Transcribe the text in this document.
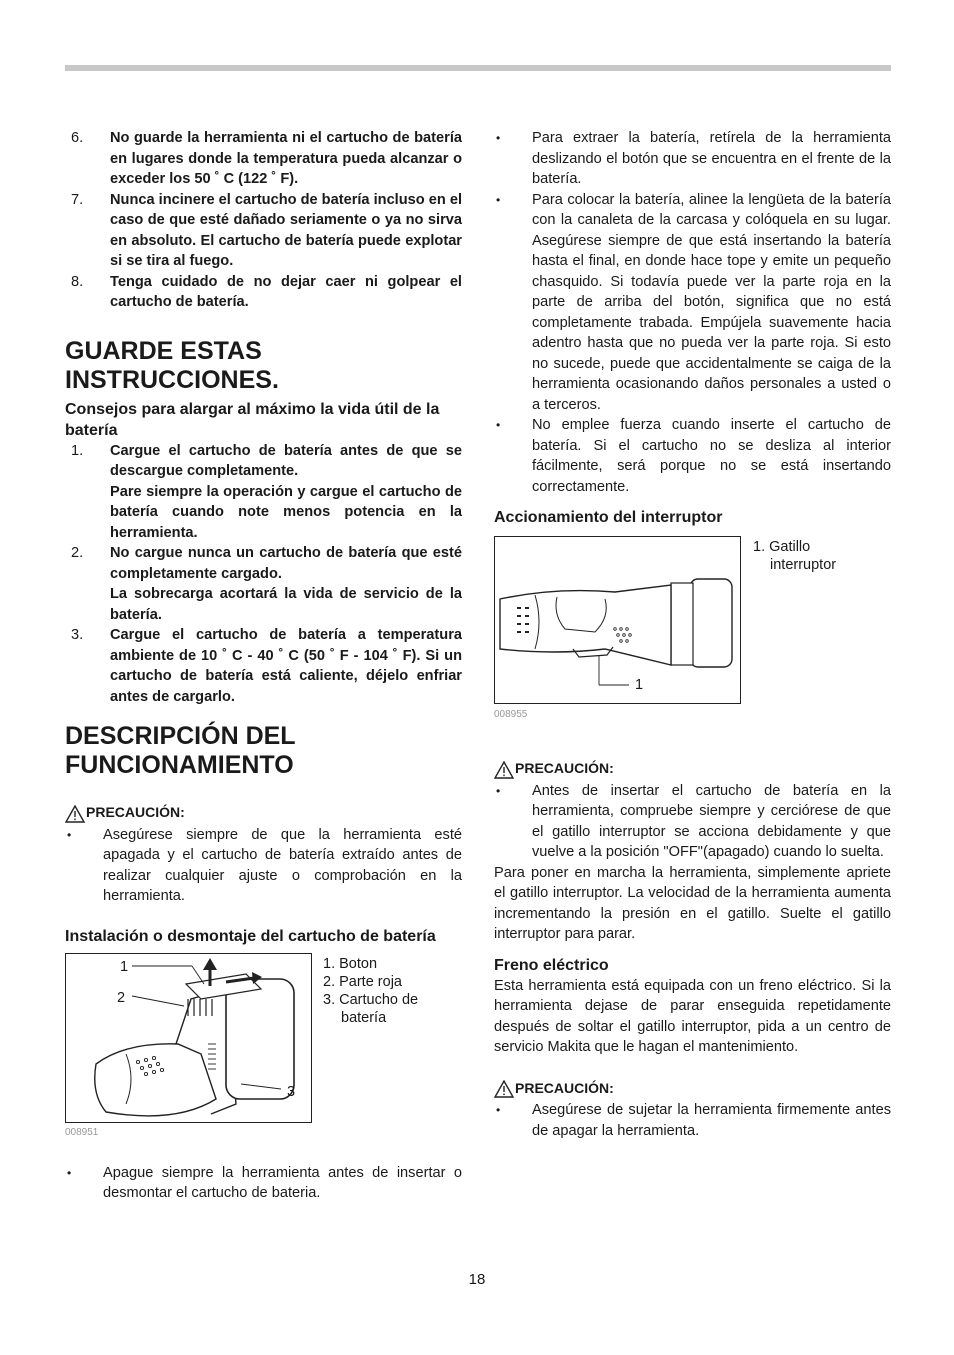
6.	No guarde la herramienta ni el cartucho de batería en lugares donde la temperatura pueda alcanzar o exceder los 50 ˚ C (122 ˚ F).
7.	Nunca incinere el cartucho de batería incluso en el caso de que esté dañado seriamente o ya no sirva en absoluto. El cartucho de batería puede explotar si se tira al fuego.
8.	Tenga cuidado de no dejar caer ni golpear el cartucho de batería.
GUARDE ESTAS INSTRUCCIONES.
Consejos para alargar al máximo la vida útil de la batería
1.	Cargue el cartucho de batería antes de que se descargue completamente.
Pare siempre la operación y cargue el cartucho de batería cuando note menos potencia en la herramienta.
2.	No cargue nunca un cartucho de batería que esté completamente cargado.
La sobrecarga acortará la vida de servicio de la batería.
3.	Cargue el cartucho de batería a temperatura ambiente de 10 ˚ C - 40 ˚ C (50 ˚ F - 104 ˚ F). Si un cartucho de batería está caliente, déjelo enfriar antes de cargarlo.
DESCRIPCIÓN DEL FUNCIONAMIENTO
PRECAUCIÓN:
•	Asegúrese siempre de que la herramienta esté apagada y el cartucho de batería extraído antes de realizar cualquier ajuste o comprobación en la herramienta.
Instalación o desmontaje del cartucho de batería
1
2
3
008951
1. Boton
2. Parte roja
3. Cartucho de
batería
•	Apague siempre la herramienta antes de insertar o desmontar el cartucho de bateria.
•	Para extraer la batería, retírela de la herramienta deslizando el botón que se encuentra en el frente de la batería.
•	Para colocar la batería, alinee la lengüeta de la batería con la canaleta de la carcasa y colóquela en su lugar. Asegúrese siempre de que está insertando la batería hasta el final, en donde hace tope y emite un pequeño chasquido. Si todavía puede ver la parte roja en la parte de arriba del botón, significa que no está completamente trabada. Empújela suavemente hacia adentro hasta que no pueda ver la parte roja. Si esto no sucede, puede que accidentalmente se caiga de la herramienta ocasionando daños personales a usted o a terceros.
•	No emplee fuerza cuando inserte el cartucho de batería. Si el cartucho no se desliza al interior fácilmente, será porque no se está insertando correctamente.
Accionamiento del interruptor
1
008955
1. Gatillo
interruptor
PRECAUCIÓN:
•	Antes de insertar el cartucho de batería en la herramienta, compruebe siempre y cerciórese de que el gatillo interruptor se acciona debidamente y que vuelve a la posición "OFF"(apagado) cuando lo suelta.
Para poner en marcha la herramienta, simplemente apriete el gatillo interruptor. La velocidad de la herramienta aumenta incrementando la presión en el gatillo. Suelte el gatillo interruptor para parar.
Freno eléctrico
Esta herramienta está equipada con un freno eléctrico. Si la herramienta dejase de parar enseguida repetidamente después de soltar el gatillo interruptor, pida a un centro de servicio Makita que le hagan el mantenimiento.
PRECAUCIÓN:
•	Asegúrese de sujetar la herramienta firmemente antes de apagar la herramienta.
18
